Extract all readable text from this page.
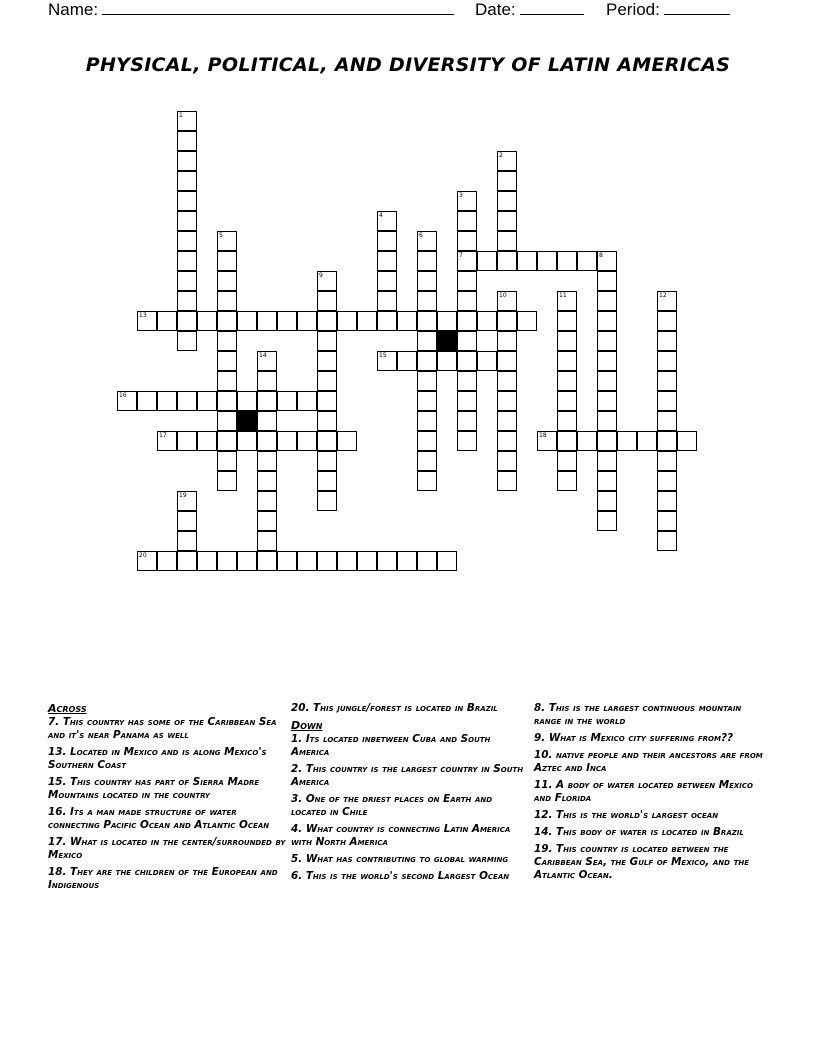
Name:	Date:	Period:
PHYSICAL, POLITICAL, AND DIVERSITY OF LATIN AMERICAS
1
2
3
4
5	6
7	8
9
10	11	12
13
14	15
16
17	18
19
20
Across
7. This country has some of the Caribbean Sea and it's near Panama as well
13. Located in Mexico and is along Mexico's Southern Coast
15. This country has part of Sierra Madre Mountains located in the country
16. Its a man made structure of water connecting Pacific Ocean and Atlantic Ocean
17. What is located in the center/surrounded by Mexico
18. They are the children of the European and Indigenous
20. This jungle/forest is located in Brazil
Down
1. Its located inbetween Cuba and South America
2. This country is the largest country in South America
3. One of the driest places on Earth and located in Chile
4. What country is connecting Latin America with North America
5. What has contributing to global warming
6. This is the world's second Largest Ocean
8. This is the largest continuous mountain range in the world
9. What is Mexico city suffering from??
10. native people and their ancestors are from Aztec and Inca
11. A body of water located between Mexico and Florida
12. This is the world's largest ocean
14. This body of water is located in Brazil
19. This country is located between the Caribbean Sea, the Gulf of Mexico, and the Atlantic Ocean.
